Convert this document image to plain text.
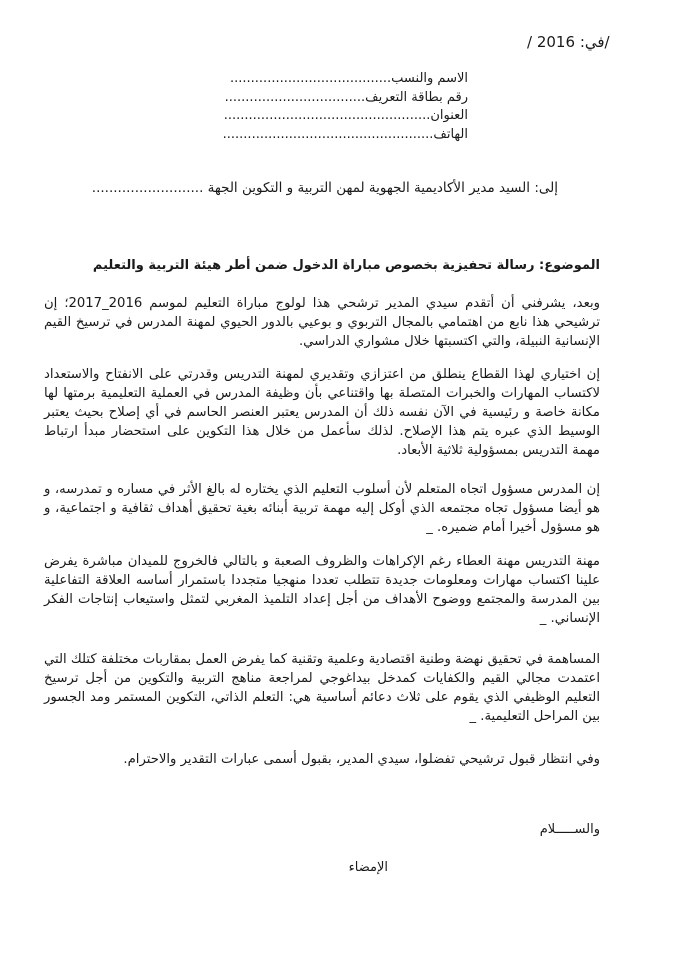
/ 2016 /في:
الاسم والنسب.......................................
رقم بطاقة التعريف..................................
العنوان..................................................
الهاتف...................................................
إلى: السيد مدير الأكاديمية الجهوية لمهن التربية و التكوين الجهة ..........................
الموضوع: رسالة تحفيزية بخصوص مباراة الدخول ضمن أطر هيئة التربية والتعليم
وبعد، يشرفني أن أتقدم سيدي المدير ترشحي هذا لولوج مباراة التعليم لموسم 2016_2017؛ إن ترشيحي هذا نابع من اهتمامي بالمجال التربوي و بوعيي بالدور الحيوي لمهنة المدرس في ترسيخ القيم الإنسانية النبيلة، والتي اكتسبتها خلال مشواري الدراسي.
إن اختياري لهذا القطاع ينطلق من اعتزازي وتقديري لمهنة التدريس وقدرتي على الانفتاح والاستعداد لاكتساب المهارات والخبرات المتصلة بها واقتناعي بأن وظيفة المدرس في العملية التعليمية برمتها لها مكانة خاصة و رئيسية في الآن نفسه ذلك أن المدرس يعتبر العنصر الحاسم في أي إصلاح بحيث يعتبر الوسيط الذي عبره يتم هذا الإصلاح. لذلك سأعمل من خلال هذا التكوين على استحضار مبدأ ارتباط مهمة التدريس بمسؤولية ثلاثية الأبعاد.
إن المدرس مسؤول اتجاه المتعلم لأن أسلوب التعليم الذي يختاره له بالغ الأثر في مساره و تمدرسه، و هو أيضا مسؤول تجاه مجتمعه الذي أوكل إليه مهمة تربية أبنائه بغية تحقيق أهداف ثقافية و اجتماعية، و هو مسؤول أخيرا أمام ضميره. _
مهنة التدريس مهنة العطاء رغم الإكراهات والظروف الصعبة و بالتالي فالخروج للميدان مباشرة يفرض علينا اكتساب مهارات ومعلومات جديدة تتطلب تعددا منهجيا متجددا باستمرار أساسه العلاقة التفاعلية بين المدرسة والمجتمع ووضوح الأهداف من أجل إعداد التلميذ المغربي لتمثل واستيعاب إنتاجات الفكر الإنساني. _
المساهمة في تحقيق نهضة وطنية اقتصادية وعلمية وتقنية كما يفرض العمل بمقاربات مختلفة كتلك التي اعتمدت مجالي القيم والكفايات كمدخل بيداغوجي لمراجعة مناهج التربية والتكوين من أجل ترسيخ التعليم الوظيفي الذي يقوم على ثلاث دعائم أساسية هي: التعلم الذاتي، التكوين المستمر ومد الجسور بين المراحل التعليمية. _
وفي انتظار قبول ترشيحي تفضلوا، سيدي المدير، بقبول أسمى عبارات التقدير والاحترام.
والســـــلام
الإمضاء
